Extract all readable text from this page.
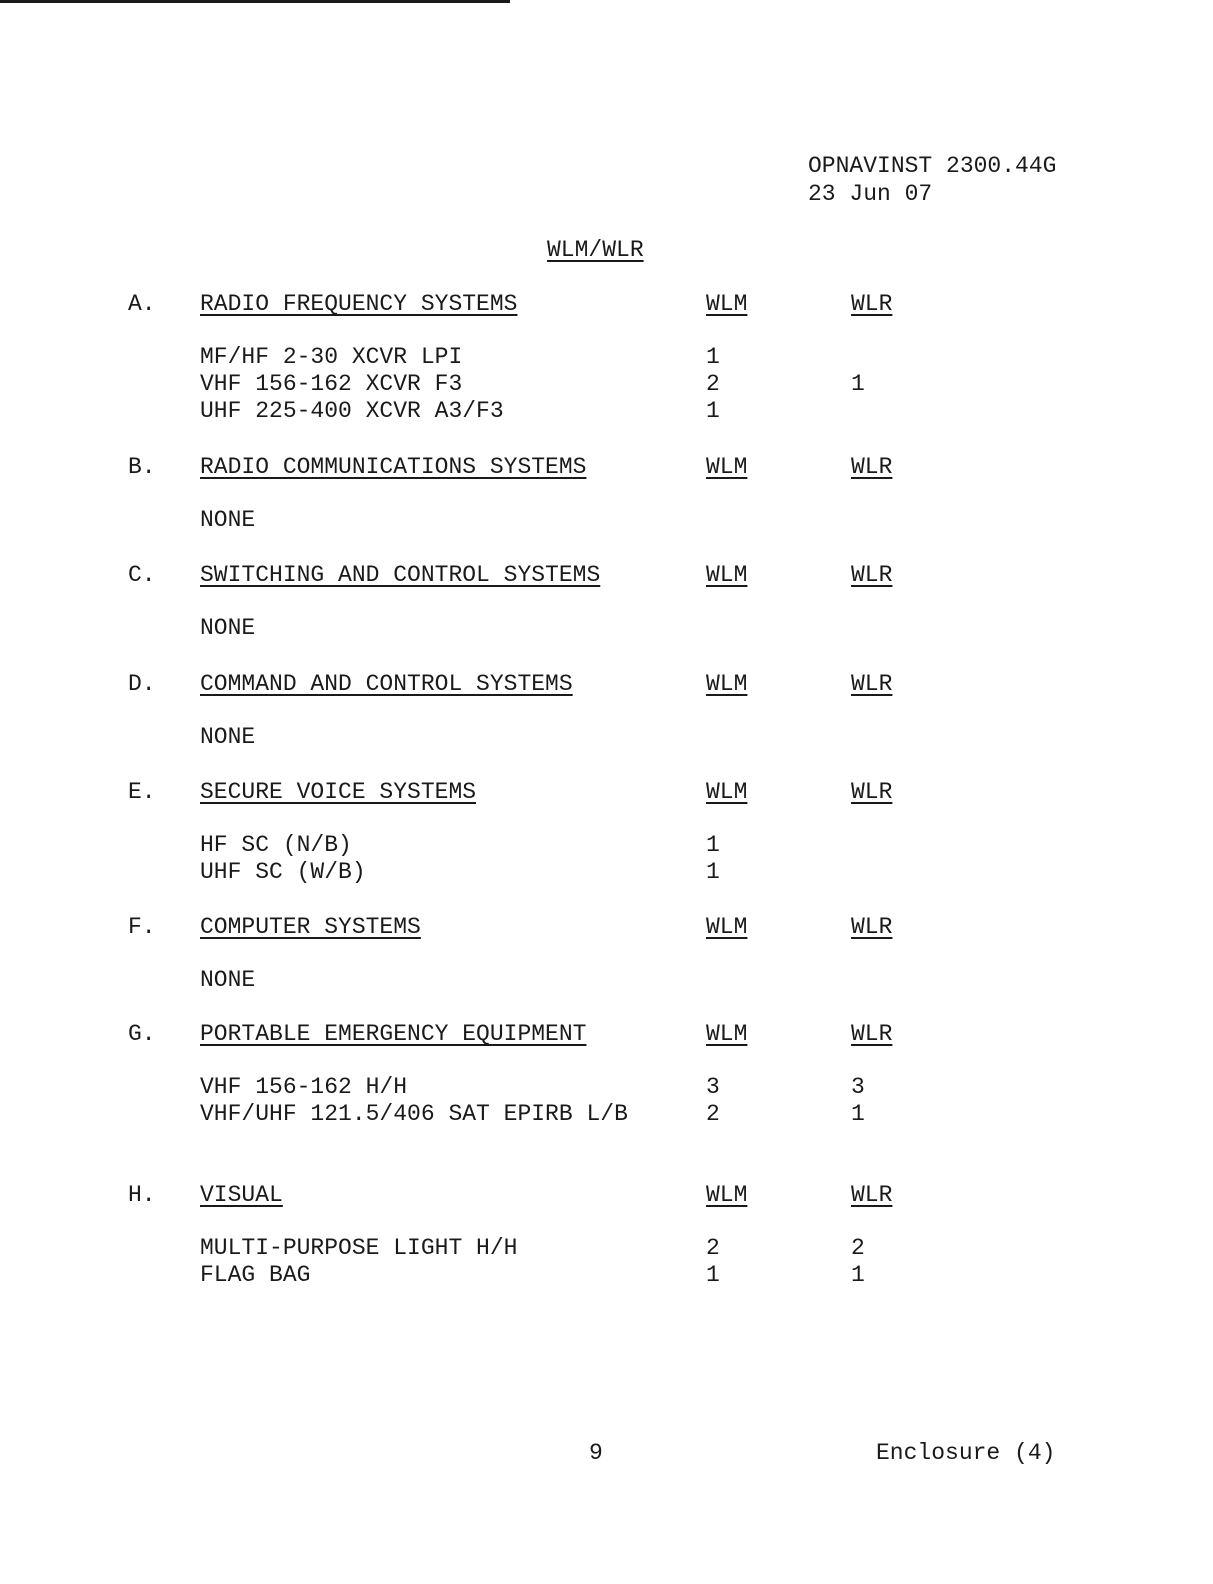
OPNAVINST 2300.44G
23 Jun 07
WLM/WLR
A. RADIO FREQUENCY SYSTEMS	WLM	WLR
MF/HF 2-30 XCVR LPI	1
VHF 156-162 XCVR F3	2	1
UHF 225-400 XCVR A3/F3	1
B. RADIO COMMUNICATIONS SYSTEMS	WLM	WLR
NONE
C. SWITCHING AND CONTROL SYSTEMS	WLM	WLR
NONE
D. COMMAND AND CONTROL SYSTEMS	WLM	WLR
NONE
E. SECURE VOICE SYSTEMS	WLM	WLR
HF SC (N/B)	1
UHF SC (W/B)	1
F. COMPUTER SYSTEMS	WLM	WLR
NONE
G. PORTABLE EMERGENCY EQUIPMENT	WLM	WLR
VHF 156-162 H/H	3	3
VHF/UHF 121.5/406 SAT EPIRB L/B	2	1
H. VISUAL	WLM	WLR
MULTI-PURPOSE LIGHT H/H	2	2
FLAG BAG	1	1
9	Enclosure (4)
